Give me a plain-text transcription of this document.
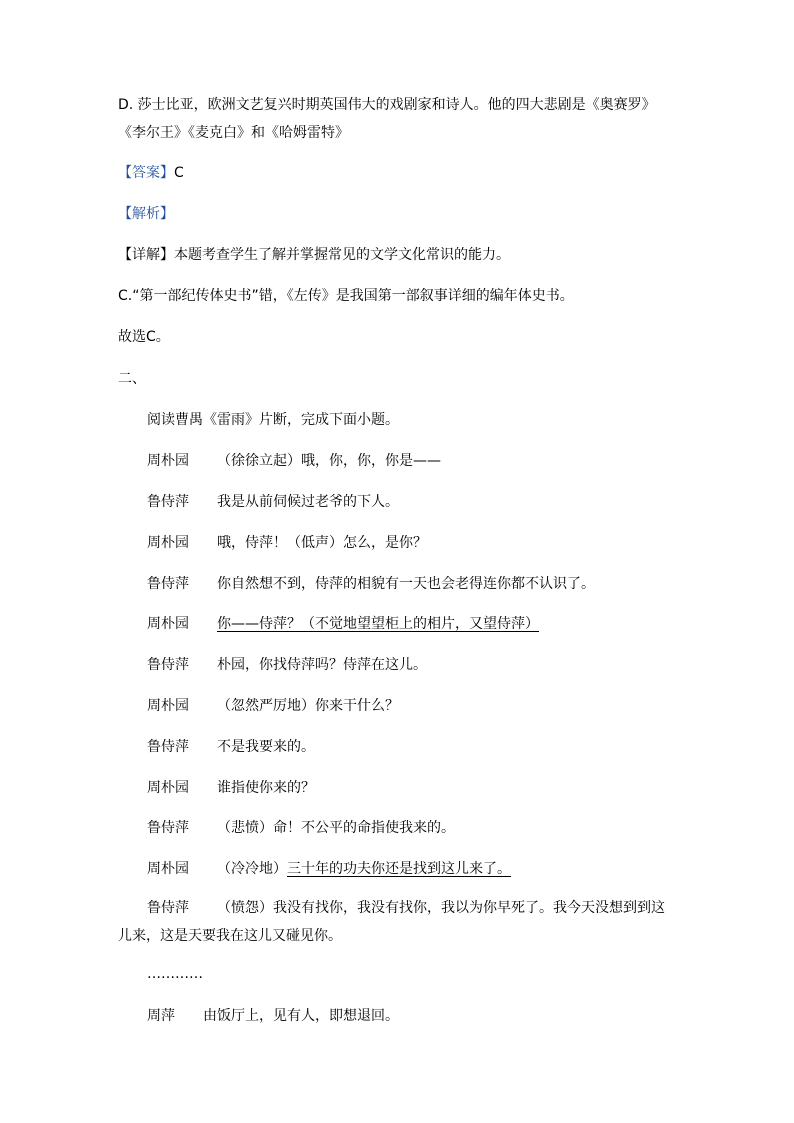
D. 莎士比亚，欧洲文艺复兴时期英国伟大的戏剧家和诗人。他的四大悲剧是《奥赛罗》
《李尔王》《麦克白》和《哈姆雷特》
【答案】C
【解析】
【详解】本题考查学生了解并掌握常见的文学文化常识的能力。
C.“第一部纪传体史书”错，《左传》是我国第一部叙事详细的编年体史书。
故选C。
二、
阅读曹禺《雷雨》片断，完成下面小题。
周朴园 （徐徐立起）哦，你，你，你是——
鲁侍萍 我是从前伺候过老爷的下人。
周朴园 哦，侍萍！（低声）怎么，是你？
鲁侍萍 你自然想不到，侍萍的相貌有一天也会老得连你都不认识了。
周朴园 你——侍萍？（不觉地望望柜上的相片，又望侍萍）
鲁侍萍 朴园，你找侍萍吗？侍萍在这儿。
周朴园 （忽然严厉地）你来干什么？
鲁侍萍 不是我要来的。
周朴园 谁指使你来的？
鲁侍萍 （悲愤）命！不公平的命指使我来的。
周朴园 （冷冷地）三十年的功夫你还是找到这儿来了。
鲁侍萍 （愤怨）我没有找你，我没有找你，我以为你早死了。我今天没想到到这
儿来，这是天要我在这儿又碰见你。
…………
周萍 由饭厅上，见有人，即想退回。
